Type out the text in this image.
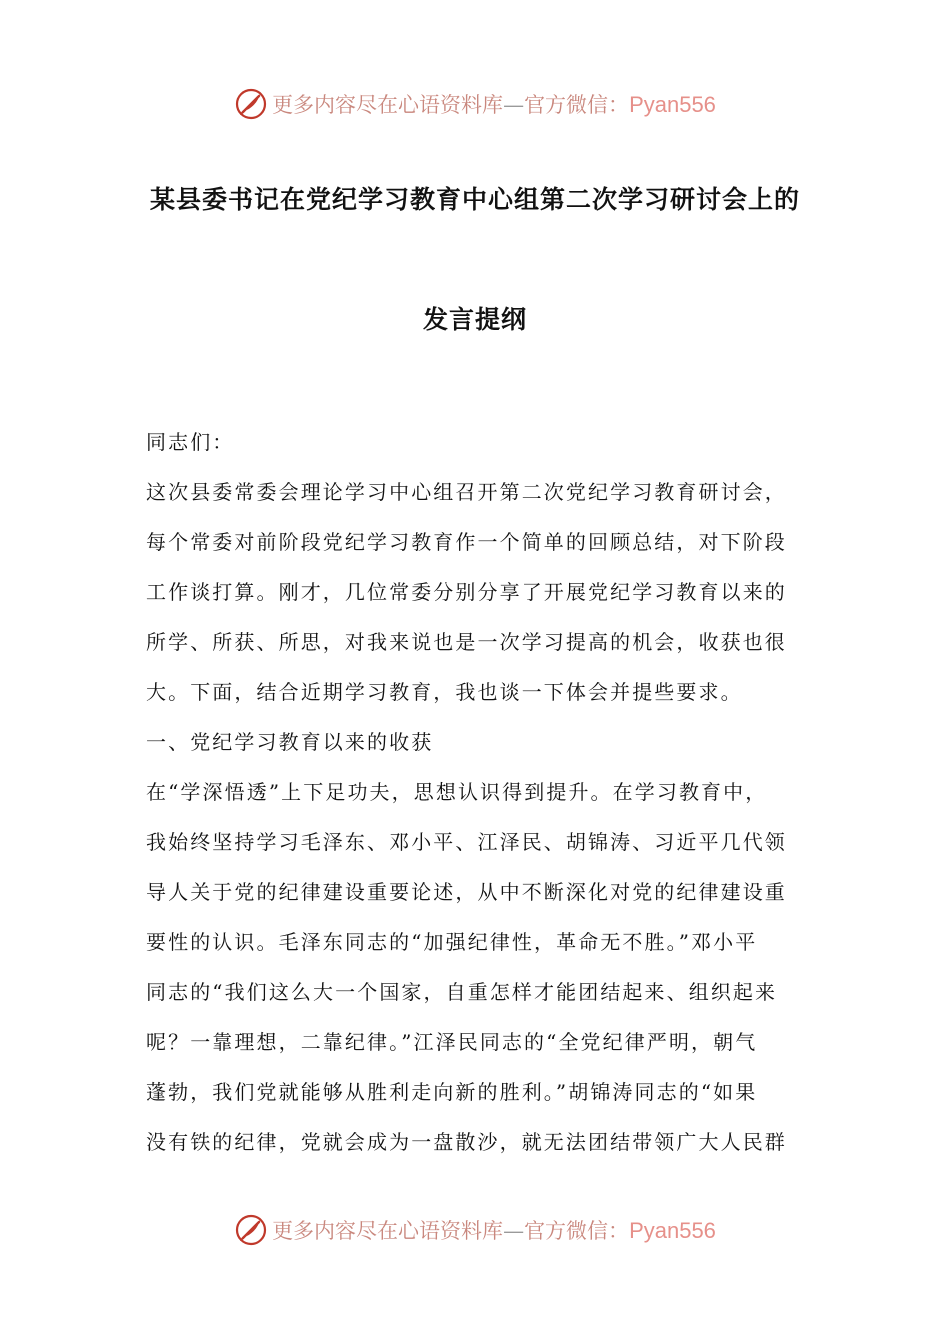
更多内容尽在心语资料库—官方微信：Pyan556
某县委书记在党纪学习教育中心组第二次学习研讨会上的
发言提纲

同志们：

这次县委常委会理论学习中心组召开第二次党纪学习教育研讨会，

每个常委对前阶段党纪学习教育作一个简单的回顾总结，对下阶段

工作谈打算。刚才，几位常委分别分享了开展党纪学习教育以来的

所学、所获、所思，对我来说也是一次学习提高的机会，收获也很

大。下面，结合近期学习教育，我也谈一下体会并提些要求。

一、党纪学习教育以来的收获

在“学深悟透”上下足功夫，思想认识得到提升。在学习教育中，

我始终坚持学习毛泽东、邓小平、江泽民、胡锦涛、习近平几代领

导人关于党的纪律建设重要论述，从中不断深化对党的纪律建设重

要性的认识。毛泽东同志的“加强纪律性，革命无不胜。”邓小平

同志的“我们这么大一个国家，自重怎样才能团结起来、组织起来

呢？一靠理想，二靠纪律。”江泽民同志的“全党纪律严明，朝气

蓬勃，我们党就能够从胜利走向新的胜利。”胡锦涛同志的“如果

没有铁的纪律，党就会成为一盘散沙，就无法团结带领广大人民群

更多内容尽在心语资料库—官方微信：Pyan556
